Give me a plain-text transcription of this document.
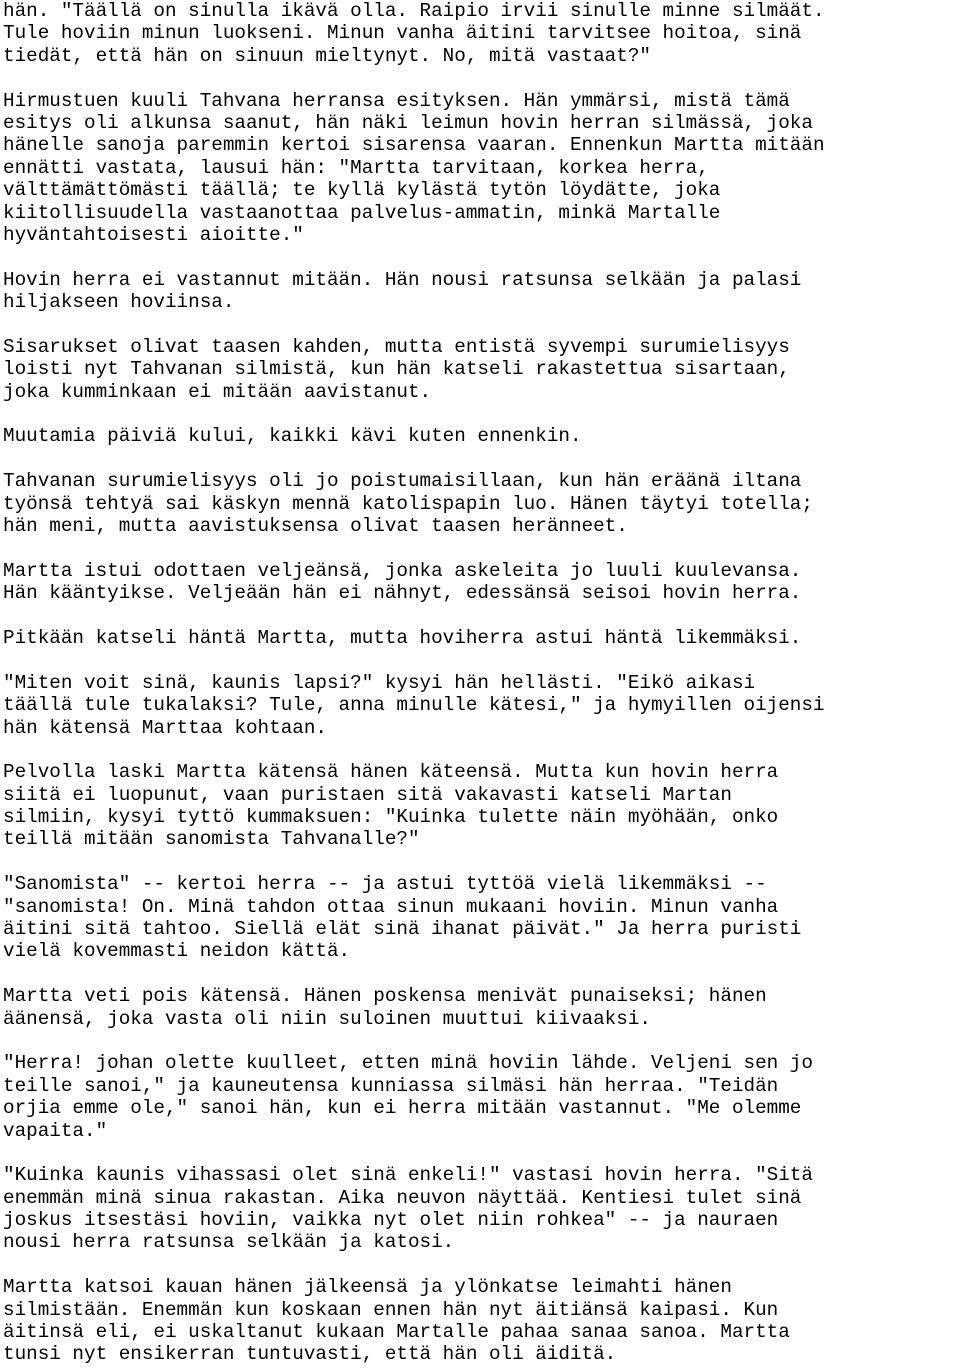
hän. "Täällä on sinulla ikävä olla. Raipio irvii sinulle minne silmäät.
Tule hoviin minun luokseni. Minun vanha äitini tarvitsee hoitoa, sinä
tiedät, että hän on sinuun mieltynyt. No, mitä vastaat?"
Hirmustuen kuuli Tahvana herransa esityksen. Hän ymmärsi, mistä tämä
esitys oli alkunsa saanut, hän näki leimun hovin herran silmässä, joka
hänelle sanoja paremmin kertoi sisarensa vaaran. Ennenkun Martta mitään
ennätti vastata, lausui hän: "Martta tarvitaan, korkea herra,
välttämättömästi täällä; te kyllä kylästä tytön löydätte, joka
kiitollisuudella vastaanottaa palvelus-ammatin, minkä Martalle
hyväntahtoisesti aioitte."
Hovin herra ei vastannut mitään. Hän nousi ratsunsa selkään ja palasi
hiljakseen hoviinsa.
Sisarukset olivat taasen kahden, mutta entistä syvempi surumielisyys
loisti nyt Tahvanan silmistä, kun hän katseli rakastettua sisartaan,
joka kumminkaan ei mitään aavistanut.
Muutamia päiviä kului, kaikki kävi kuten ennenkin.
Tahvanan surumielisyys oli jo poistumaisillaan, kun hän eräänä iltana
työnsä tehtyä sai käskyn mennä katolispapin luo. Hänen täytyi totella;
hän meni, mutta aavistuksensa olivat taasen heränneet.
Martta istui odottaen veljeänsä, jonka askeleita jo luuli kuulevansa.
Hän kääntyikse. Veljeään hän ei nähnyt, edessänsä seisoi hovin herra.
Pitkään katseli häntä Martta, mutta hoviherra astui häntä likemmäksi.
"Miten voit sinä, kaunis lapsi?" kysyi hän hellästi. "Eikö aikasi
täällä tule tukalaksi? Tule, anna minulle kätesi," ja hymyillen oijensi
hän kätensä Marttaa kohtaan.
Pelvolla laski Martta kätensä hänen käteensä. Mutta kun hovin herra
siitä ei luopunut, vaan puristaen sitä vakavasti katseli Martan
silmiin, kysyi tyttö kummaksuen: "Kuinka tulette näin myöhään, onko
teillä mitään sanomista Tahvanalle?"
"Sanomista" -- kertoi herra -- ja astui tyttöä vielä likemmäksi --
"sanomista! On. Minä tahdon ottaa sinun mukaani hoviin. Minun vanha
äitini sitä tahtoo. Siellä elät sinä ihanat päivät." Ja herra puristi
vielä kovemmasti neidon kättä.
Martta veti pois kätensä. Hänen poskensa menivät punaiseksi; hänen
äänensä, joka vasta oli niin suloinen muuttui kiivaaksi.
"Herra! johan olette kuulleet, etten minä hoviin lähde. Veljeni sen jo
teille sanoi," ja kauneutensa kunniassa silmäsi hän herraa. "Teidän
orjia emme ole," sanoi hän, kun ei herra mitään vastannut. "Me olemme
vapaita."
"Kuinka kaunis vihassasi olet sinä enkeli!" vastasi hovin herra. "Sitä
enemmän minä sinua rakastan. Aika neuvon näyttää. Kentiesi tulet sinä
joskus itsestäsi hoviin, vaikka nyt olet niin rohkea" -- ja nauraen
nousi herra ratsunsa selkään ja katosi.
Martta katsoi kauan hänen jälkeensä ja ylönkatse leimahti hänen
silmistään. Enemmän kun koskaan ennen hän nyt äitiänsä kaipasi. Kun
äitinsä eli, ei uskaltanut kukaan Martalle pahaa sanaa sanoa. Martta
tunsi nyt ensikerran tuntuvasti, että hän oli äiditä.
